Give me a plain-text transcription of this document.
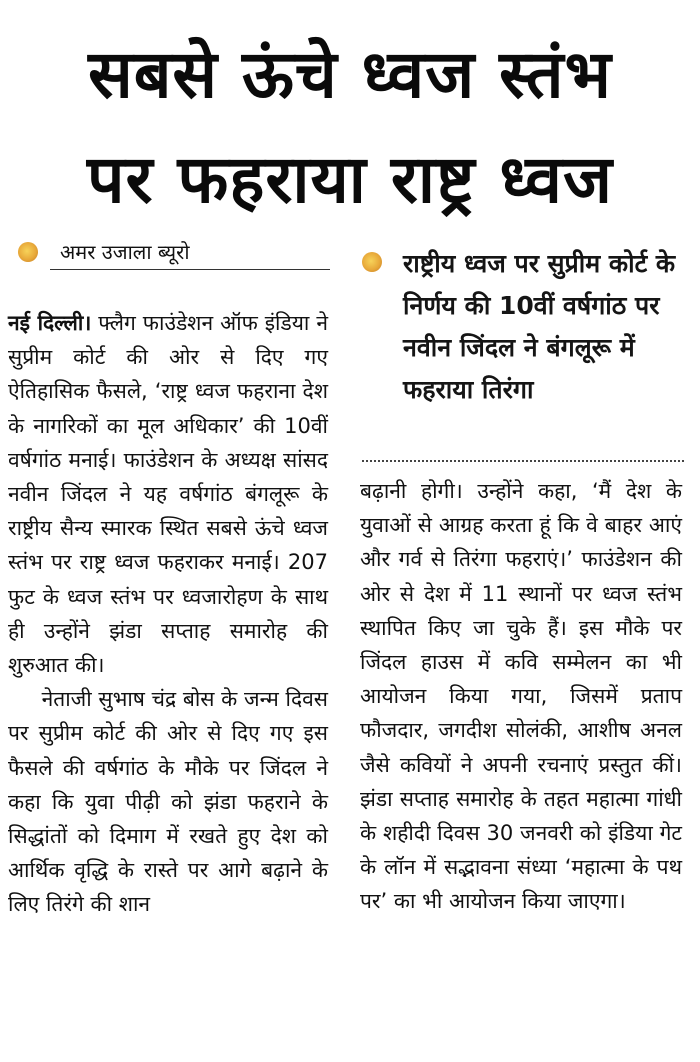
सबसे ऊंचे ध्वज स्तंभ
पर फहराया राष्ट्र ध्वज
अमर उजाला ब्यूरो	राष्ट्रीय ध्वज पर सुप्रीम कोर्ट के निर्णय की 10वीं वर्षगांठ पर नवीन जिंदल ने बंगलूरू में फहराया तिरंगा

नई दिल्ली। फ्लैग फाउंडेशन ऑफ इंडिया ने सुप्रीम कोर्ट की ओर से दिए गए ऐतिहासिक फैसले, ‘राष्ट्र ध्वज फहराना देश के नागरिकों का मूल अधिकार’ की 10वीं वर्षगांठ मनाई। फाउंडेशन के अध्यक्ष सांसद नवीन जिंदल ने यह वर्षगांठ बंगलूरू के राष्ट्रीय सैन्य स्मारक स्थित सबसे ऊंचे ध्वज स्तंभ पर राष्ट्र ध्वज फहराकर मनाई। 207 फुट के ध्वज स्तंभ पर ध्वजारोहण के साथ ही उन्होंने झंडा सप्ताह समारोह की शुरुआत की।

नेताजी सुभाष चंद्र बोस के जन्म दिवस पर सुप्रीम कोर्ट की ओर से दिए गए इस फैसले की वर्षगांठ के मौके पर जिंदल ने कहा कि युवा पीढ़ी को झंडा फहराने के सिद्धांतों को दिमाग में रखते हुए देश को आर्थिक वृद्धि के रास्ते पर आगे बढ़ाने के लिए तिरंगे की शान

बढ़ानी होगी। उन्होंने कहा, ‘मैं देश के युवाओं से आग्रह करता हूं कि वे बाहर आएं और गर्व से तिरंगा फहराएं।’ फाउंडेशन की ओर से देश में 11 स्थानों पर ध्वज स्तंभ स्थापित किए जा चुके हैं। इस मौके पर जिंदल हाउस में कवि सम्मेलन का भी आयोजन किया गया, जिसमें प्रताप फौजदार, जगदीश सोलंकी, आशीष अनल जैसे कवियों ने अपनी रचनाएं प्रस्तुत कीं। झंडा सप्ताह समारोह के तहत महात्मा गांधी के शहीदी दिवस 30 जनवरी को इंडिया गेट के लॉन में सद्भावना संध्या ‘महात्मा के पथ पर’ का भी आयोजन किया जाएगा।
